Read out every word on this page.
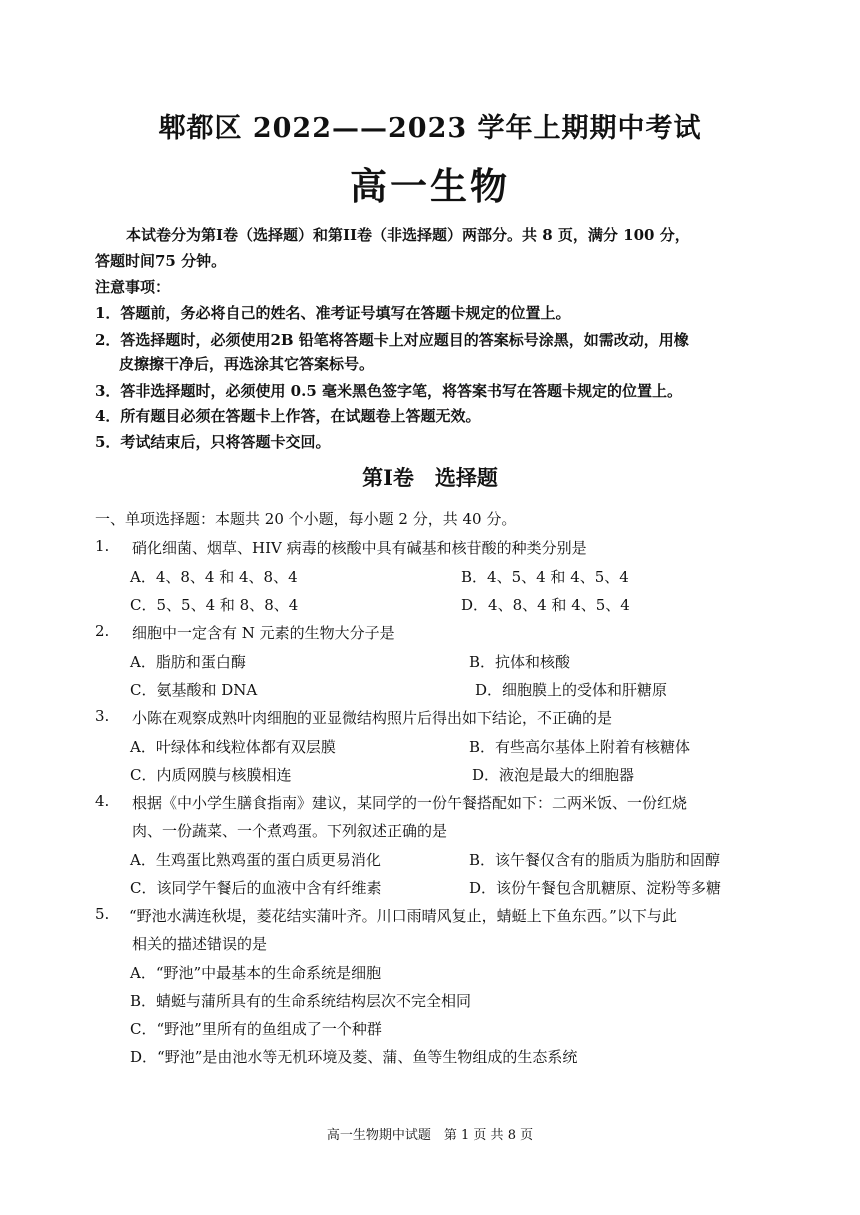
郫都区 2022——2023 学年上期期中考试
高一生物
本试卷分为第I卷（选择题）和第II卷（非选择题）两部分。共 8 页，满分 100 分，
答题时间75 分钟。
注意事项：
1．答题前，务必将自己的姓名、准考证号填写在答题卡规定的位置上。
2．答选择题时，必须使用2B 铅笔将答题卡上对应题目的答案标号涂黑，如需改动，用橡
皮擦擦干净后，再选涂其它答案标号。
3．答非选择题时，必须使用 0.5 毫米黑色签字笔，将答案书写在答题卡规定的位置上。
4．所有题目必须在答题卡上作答，在试题卷上答题无效。
5．考试结束后，只将答题卡交回。
第I卷　选择题
一、单项选择题：本题共 20 个小题，每小题 2 分，共 40 分。
1. 硝化细菌、烟草、HIV 病毒的核酸中具有碱基和核苷酸的种类分别是
A．4、8、4 和 4、8、4	B．4、5、4 和 4、5、4
C．5、5、4 和 8、8、4	D．4、8、4 和 4、5、4
2. 细胞中一定含有 N 元素的生物大分子是
A．脂肪和蛋白酶	B．抗体和核酸
C．氨基酸和 DNA	D．细胞膜上的受体和肝糖原
3. 小陈在观察成熟叶肉细胞的亚显微结构照片后得出如下结论，不正确的是
A．叶绿体和线粒体都有双层膜	B．有些高尔基体上附着有核糖体
C．内质网膜与核膜相连	D．液泡是最大的细胞器
4. 根据《中小学生膳食指南》建议，某同学的一份午餐搭配如下：二两米饭、一份红烧
肉、一份蔬菜、一个煮鸡蛋。下列叙述正确的是
A．生鸡蛋比熟鸡蛋的蛋白质更易消化	B．该午餐仅含有的脂质为脂肪和固醇
C．该同学午餐后的血液中含有纤维素	D．该份午餐包含肌糖原、淀粉等多糖
5. “野池水满连秋堤，菱花结实蒲叶齐。川口雨晴风复止，蜻蜓上下鱼东西。”以下与此
相关的描述错误的是
A．“野池”中最基本的生命系统是细胞
B．蜻蜓与蒲所具有的生命系统结构层次不完全相同
C．“野池”里所有的鱼组成了一个种群
D．“野池”是由池水等无机环境及菱、蒲、鱼等生物组成的生态系统
高一生物期中试题　第 1 页 共 8 页
